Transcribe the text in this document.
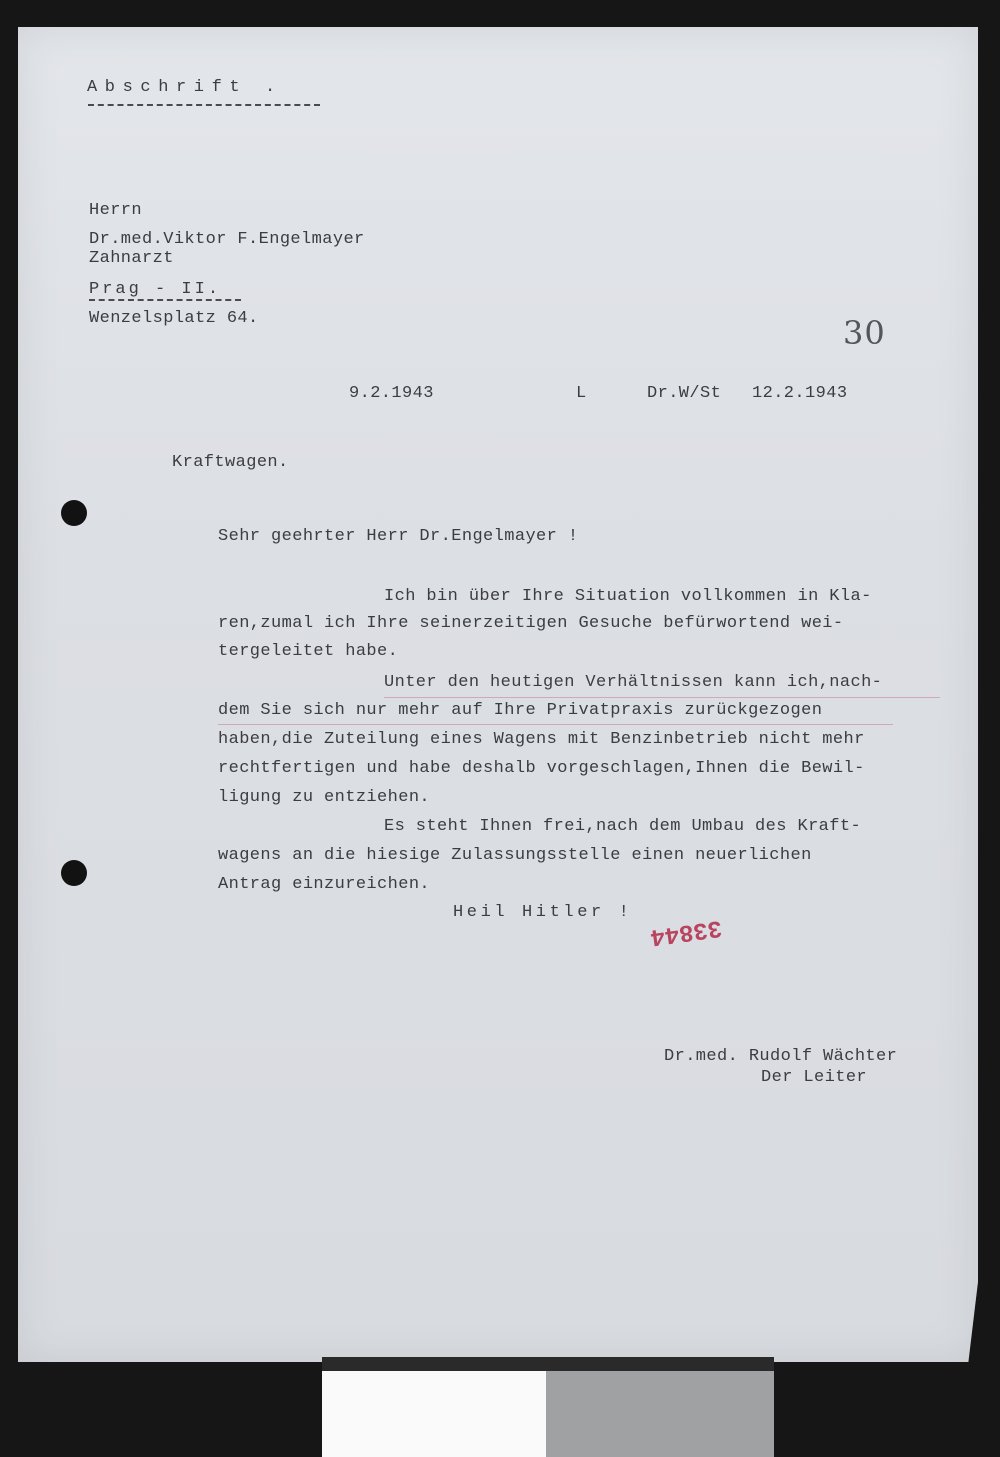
Abschrift .
Herrn
Dr.med.Viktor F.Engelmayer
Zahnarzt
Prag - II.
Wenzelsplatz 64.	30
9.2.1943	L	Dr.W/St 12.2.1943
Kraftwagen.
Sehr geehrter Herr Dr.Engelmayer !
Ich bin über Ihre Situation vollkommen in Kla-
ren,zumal ich Ihre seinerzeitigen Gesuche befürwortend wei-
tergeleitet habe.
Unter den heutigen Verhältnissen kann ich,nach-
dem Sie sich nur mehr auf Ihre Privatpraxis zurückgezogen
haben,die Zuteilung eines Wagens mit Benzinbetrieb nicht mehr
rechtfertigen und habe deshalb vorgeschlagen,Ihnen die Bewil-
ligung zu entziehen.
Es steht Ihnen frei,nach dem Umbau des Kraft-
wagens an die hiesige Zulassungsstelle einen neuerlichen
Antrag einzureichen.
Heil Hitler !
33844
Dr.med. Rudolf Wächter
Der Leiter
